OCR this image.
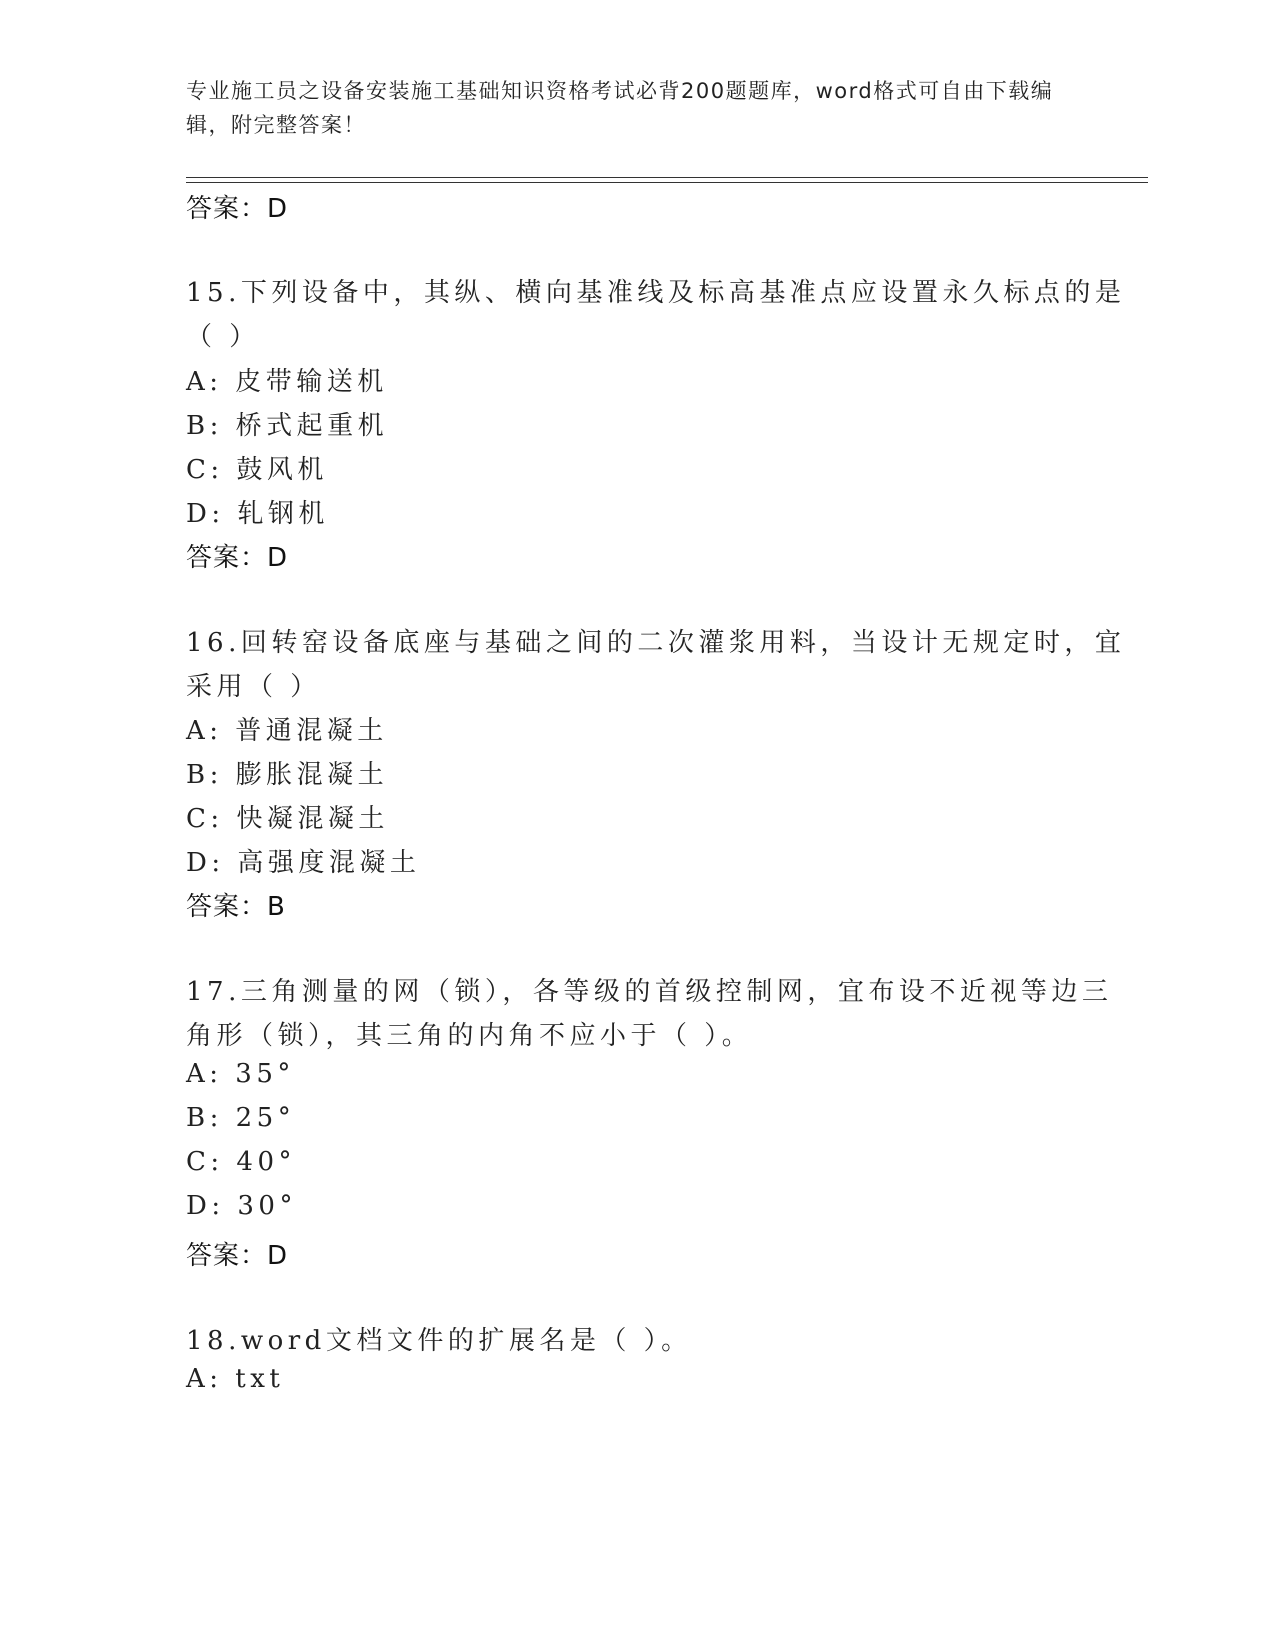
专业施工员之设备安装施工基础知识资格考试必背200题题库，word格式可自由下载编辑，附完整答案！
答案：D
15.下列设备中，其纵、横向基准线及标高基准点应设置永久标点的是
（ ）
A: 皮带输送机
B: 桥式起重机
C: 鼓风机
D: 轧钢机
答案：D
16.回转窑设备底座与基础之间的二次灌浆用料，当设计无规定时，宜
采用（ ）
A: 普通混凝土
B: 膨胀混凝土
C: 快凝混凝土
D: 高强度混凝土
答案：B
17.三角测量的网（锁），各等级的首级控制网，宜布设不近视等边三
角形（锁），其三角的内角不应小于（ ）。
A: 35°
B: 25°
C: 40°
D: 30°
答案：D
18.word文档文件的扩展名是（ ）。
A: txt
